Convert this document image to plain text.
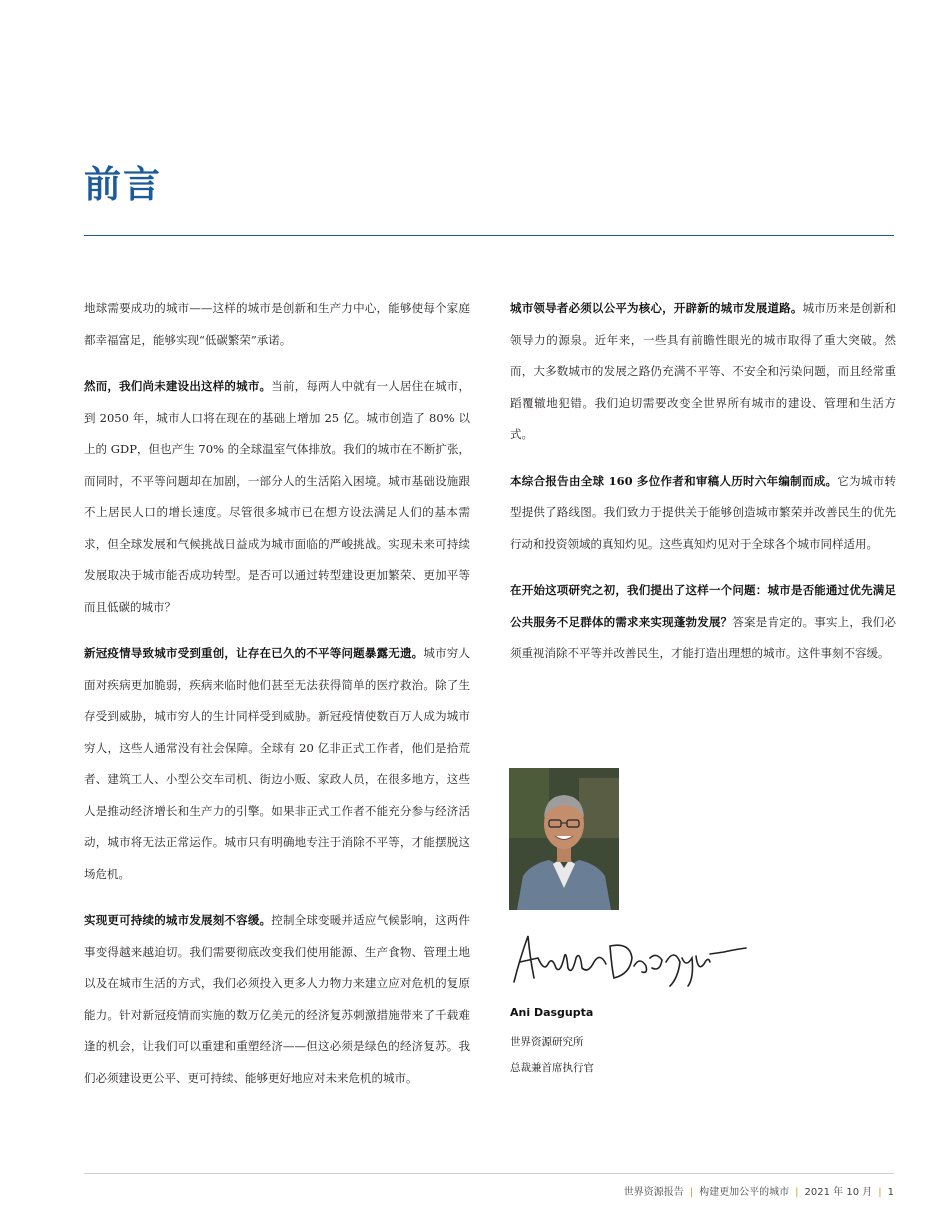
前言

地球需要成功的城市——这样的城市是创新和生产力中心，能够使每个家庭都幸福富足，能够实现“低碳繁荣”承诺。

然而，我们尚未建设出这样的城市。当前，每两人中就有一人居住在城市，到 2050 年，城市人口将在现在的基础上增加 25 亿。城市创造了 80% 以上的 GDP，但也产生 70% 的全球温室气体排放。我们的城市在不断扩张，而同时，不平等问题却在加剧，一部分人的生活陷入困境。城市基础设施跟不上居民人口的增长速度。尽管很多城市已在想方设法满足人们的基本需求，但全球发展和气候挑战日益成为城市面临的严峻挑战。实现未来可持续发展取决于城市能否成功转型。是否可以通过转型建设更加繁荣、更加平等而且低碳的城市？

新冠疫情导致城市受到重创，让存在已久的不平等问题暴露无遗。城市穷人面对疾病更加脆弱，疾病来临时他们甚至无法获得简单的医疗救治。除了生存受到威胁，城市穷人的生计同样受到威胁。新冠疫情使数百万人成为城市穷人，这些人通常没有社会保障。全球有 20 亿非正式工作者，他们是拾荒者、建筑工人、小型公交车司机、街边小贩、家政人员，在很多地方，这些人是推动经济增长和生产力的引擎。如果非正式工作者不能充分参与经济活动，城市将无法正常运作。城市只有明确地专注于消除不平等，才能摆脱这场危机。

实现更可持续的城市发展刻不容缓。控制全球变暖并适应气候影响，这两件事变得越来越迫切。我们需要彻底改变我们使用能源、生产食物、管理土地以及在城市生活的方式，我们必须投入更多人力物力来建立应对危机的复原能力。针对新冠疫情而实施的数万亿美元的经济复苏刺激措施带来了千载难逢的机会，让我们可以重建和重塑经济——但这必须是绿色的经济复苏。我们必须建设更公平、更可持续、能够更好地应对未来危机的城市。

城市领导者必须以公平为核心，开辟新的城市发展道路。城市历来是创新和领导力的源泉。近年来，一些具有前瞻性眼光的城市取得了重大突破。然而，大多数城市的发展之路仍充满不平等、不安全和污染问题，而且经常重蹈覆辙地犯错。我们迫切需要改变全世界所有城市的建设、管理和生活方式。

本综合报告由全球 160 多位作者和审稿人历时六年编制而成。它为城市转型提供了路线图。我们致力于提供关于能够创造城市繁荣并改善民生的优先行动和投资领域的真知灼见。这些真知灼见对于全球各个城市同样适用。

在开始这项研究之初，我们提出了这样一个问题：城市是否能通过优先满足公共服务不足群体的需求来实现蓬勃发展？答案是肯定的。事实上，我们必须重视消除不平等并改善民生，才能打造出理想的城市。这件事刻不容缓。

Ani Dasgupta
世界资源研究所
总裁兼首席执行官
世界资源报告 | 构建更加公平的城市 | 2021 年 10 月 | 1
